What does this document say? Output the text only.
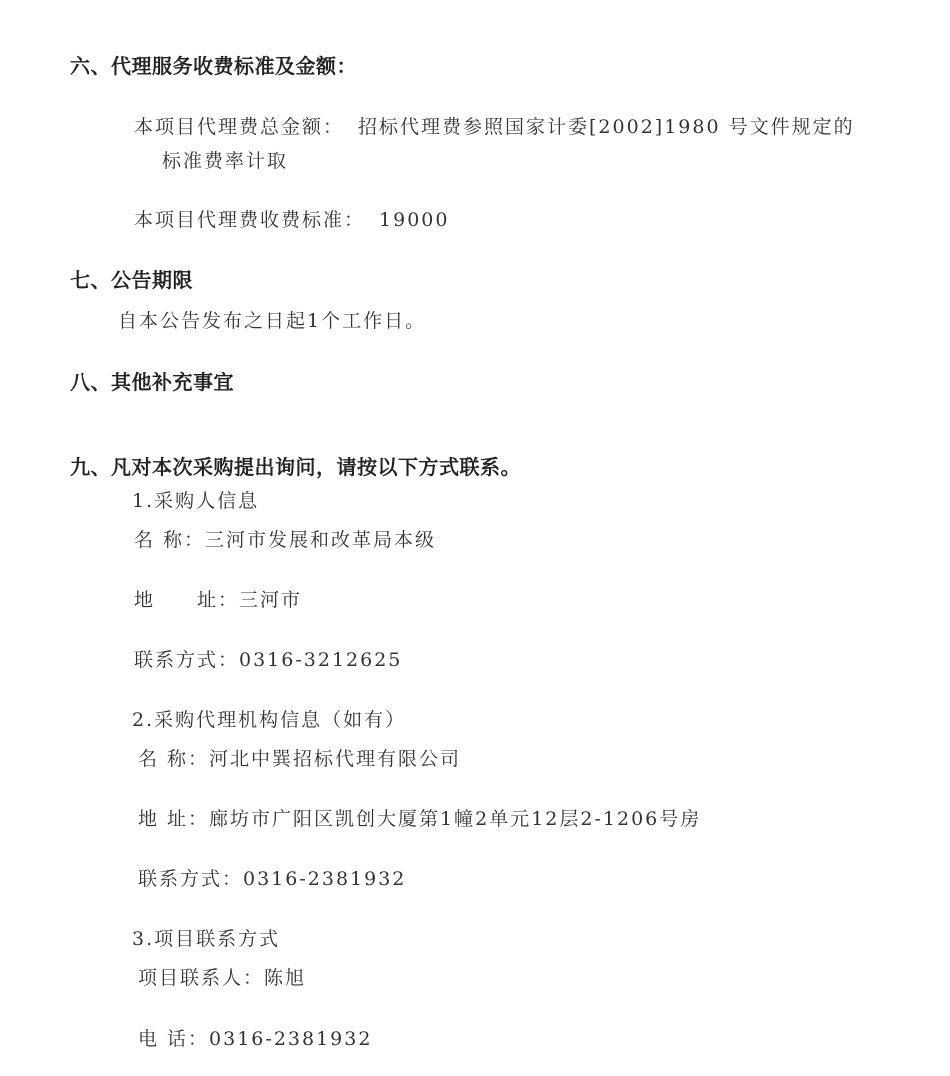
六、代理服务收费标准及金额：
本项目代理费总金额： 招标代理费参照国家计委[2002]1980 号文件规定的
标准费率计取
本项目代理费收费标准： 19000
七、公告期限
自本公告发布之日起1个工作日。
八、其他补充事宜
九、凡对本次采购提出询问，请按以下方式联系。
1.采购人信息
名 称：三河市发展和改革局本级
地　　址：三河市
联系方式：0316-3212625
2.采购代理机构信息（如有）
名 称：河北中巽招标代理有限公司
地 址：廊坊市广阳区凯创大厦第1幢2单元12层2-1206号房
联系方式：0316-2381932
3.项目联系方式
项目联系人：陈旭
电 话：0316-2381932
